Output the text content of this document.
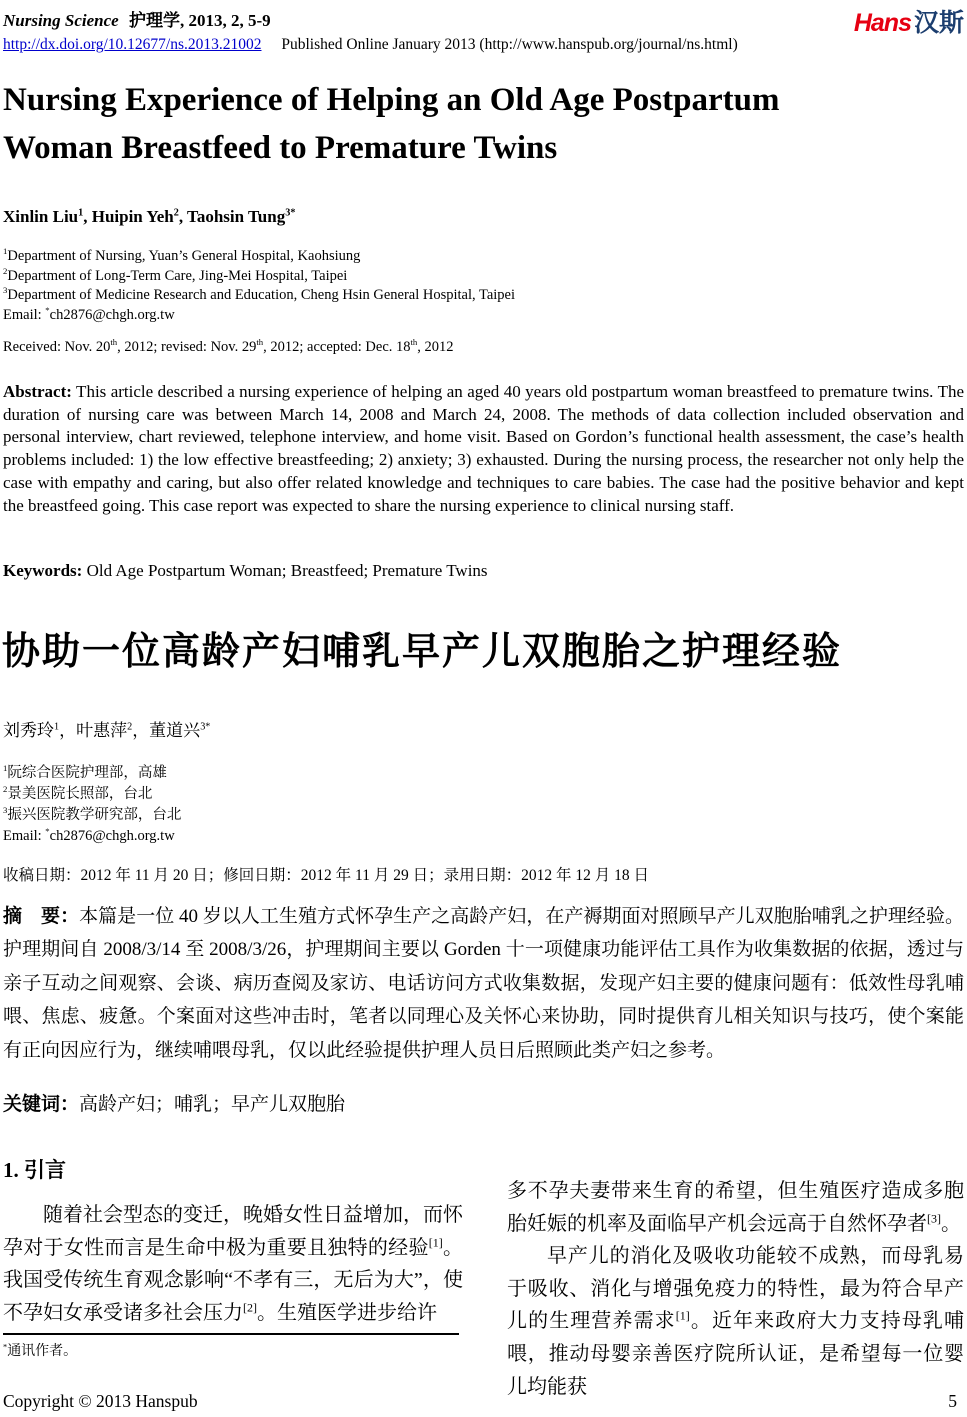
Nursing Science 护理学, 2013, 2, 5-9
http://dx.doi.org/10.12677/ns.2013.21002 Published Online January 2013 (http://www.hanspub.org/journal/ns.html)
Hans 汉斯
Nursing Experience of Helping an Old Age Postpartum
Woman Breastfeed to Premature Twins
Xinlin Liu$^1$, Huipin Yeh$^2$, Taohsin Tung$^{3*}$
$^1$Department of Nursing, Yuan’s General Hospital, Kaohsiung
$^2$Department of Long-Term Care, Jing-Mei Hospital, Taipei
$^3$Department of Medicine Research and Education, Cheng Hsin General Hospital, Taipei
Email: *ch2876@chgh.org.tw
Received: Nov. 20th, 2012; revised: Nov. 29th, 2012; accepted: Dec. 18th, 2012
Abstract: This article described a nursing experience of helping an aged 40 years old postpartum woman breastfeed to premature twins. The duration of nursing care was between March 14, 2008 and March 24, 2008. The methods of data collection included observation and personal interview, chart reviewed, telephone interview, and home visit. Based on Gordon’s functional health assessment, the case’s health problems included: 1) the low effective breastfeeding; 2) anxiety; 3) exhausted. During the nursing process, the researcher not only help the case with empathy and caring, but also offer related knowledge and techniques to care babies. The case had the positive behavior and kept the breastfeed going. This case report was expected to share the nursing experience to clinical nursing staff.
Keywords: Old Age Postpartum Woman; Breastfeed; Premature Twins
协助一位高龄产妇哺乳早产儿双胞胎之护理经验
刘秀玲$^1$，叶惠萍$^2$，董道兴$^{3*}$
$^1$阮综合医院护理部，高雄
$^2$景美医院长照部，台北
$^3$振兴医院教学研究部，台北
Email: *ch2876@chgh.org.tw
收稿日期：2012 年 11 月 20 日；修回日期：2012 年 11 月 29 日；录用日期：2012 年 12 月 18 日
摘　要：本篇是一位 40 岁以人工生殖方式怀孕生产之高龄产妇，在产褥期面对照顾早产儿双胞胎哺乳之护理经验。护理期间自 2008/3/14 至 2008/3/26，护理期间主要以 Gorden 十一项健康功能评估工具作为收集数据的依据，透过与亲子互动之间观察、会谈、病历查阅及家访、电话访问方式收集数据，发现产妇主要的健康问题有：低效性母乳哺喂、焦虑、疲惫。个案面对这些冲击时，笔者以同理心及关怀心来协助，同时提供育儿相关知识与技巧，使个案能有正向因应行为，继续哺喂母乳，仅以此经验提供护理人员日后照顾此类产妇之参考。
关键词：高龄产妇；哺乳；早产儿双胞胎
1. 引言

随着社会型态的变迁，晚婚女性日益增加，而怀孕对于女性而言是生命中极为重要且独特的经验[1]。我国受传统生育观念影响“不孝有三，无后为大”，使不孕妇女承受诸多社会压力[2]。生殖医学进步给许

多不孕夫妻带来生育的希望，但生殖医疗造成多胞胎妊娠的机率及面临早产机会远高于自然怀孕者[3]。

早产儿的消化及吸收功能较不成熟，而母乳易于吸收、消化与增强免疫力的特性，最为符合早产儿的生理营养需求[1]。近年来政府大力支持母乳哺喂，推动母婴亲善医疗院所认证，是希望每一位婴儿均能获

*通讯作者。
Copyright © 2013 Hanspub	5
